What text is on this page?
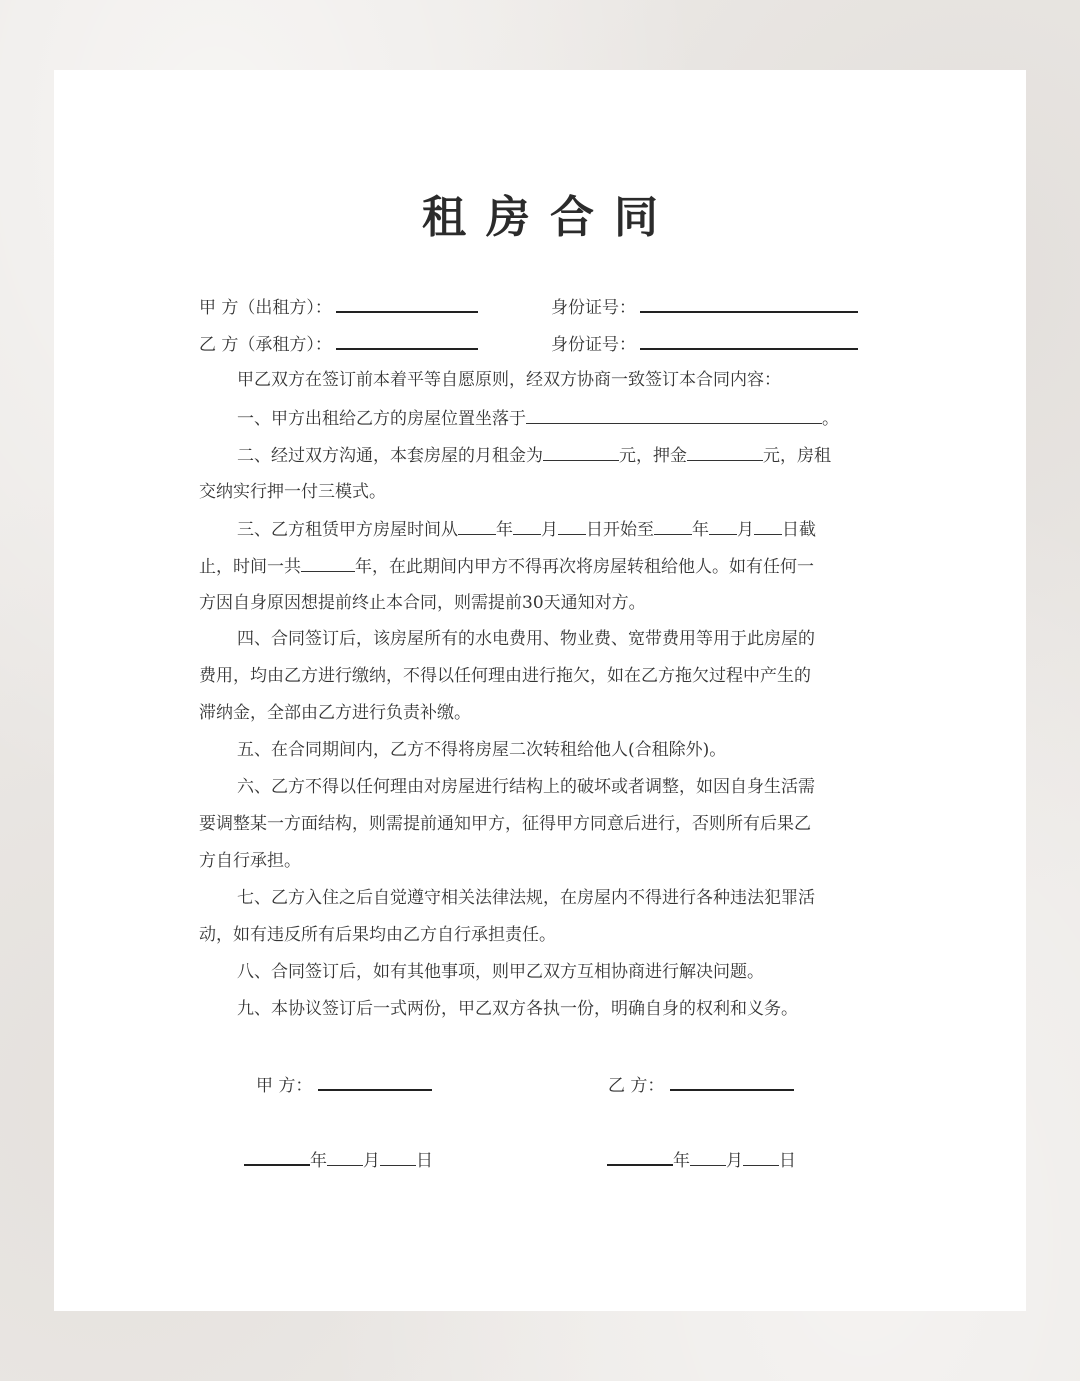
租房合同
甲 方（出租方）：	身份证号：
乙 方（承租方）：	身份证号：
甲乙双方在签订前本着平等自愿原则，经双方协商一致签订本合同内容：
一、甲方出租给乙方的房屋位置坐落于	。
二、经过双方沟通，本套房屋的月租金为	元，押金	元，房租
交纳实行押一付三模式。
三、乙方租赁甲方房屋时间从 年 月 日开始至 年 月 日截
止，时间一共	年，在此期间内甲方不得再次将房屋转租给他人。如有任何一
方因自身原因想提前终止本合同，则需提前30天通知对方。
四、合同签订后，该房屋所有的水电费用、物业费、宽带费用等用于此房屋的
费用，均由乙方进行缴纳，不得以任何理由进行拖欠，如在乙方拖欠过程中产生的
滞纳金，全部由乙方进行负责补缴。
五、在合同期间内，乙方不得将房屋二次转租给他人(合租除外)。
六、乙方不得以任何理由对房屋进行结构上的破坏或者调整，如因自身生活需
要调整某一方面结构，则需提前通知甲方，征得甲方同意后进行，否则所有后果乙
方自行承担。
七、乙方入住之后自觉遵守相关法律法规，在房屋内不得进行各种违法犯罪活
动，如有违反所有后果均由乙方自行承担责任。
八、合同签订后，如有其他事项，则甲乙双方互相协商进行解决问题。
九、本协议签订后一式两份，甲乙双方各执一份，明确自身的权利和义务。
甲 方：	乙 方：
年 月 日	年 月 日
